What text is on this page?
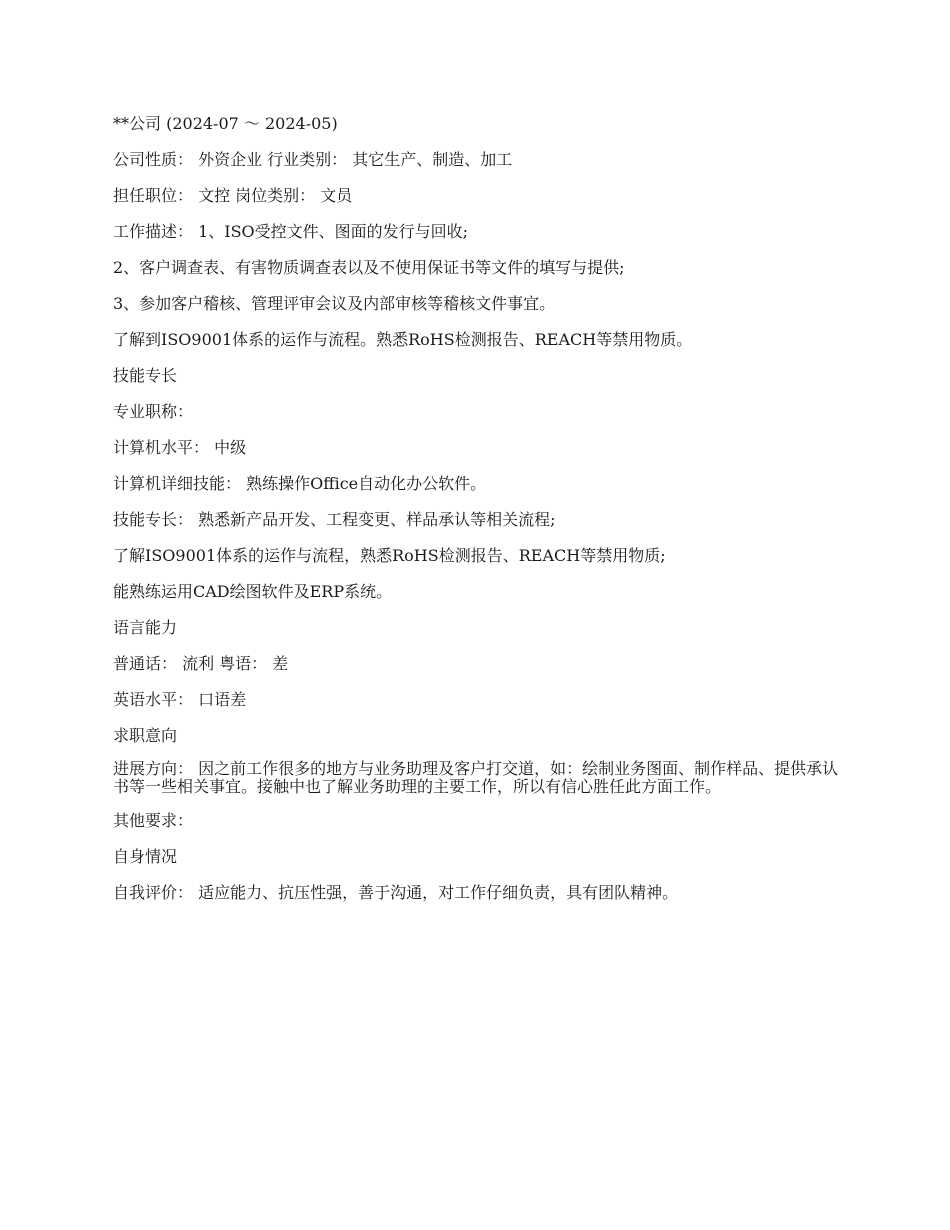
**公司 (2024-07 ～ 2024-05)

公司性质： 外资企业 行业类别： 其它生产、制造、加工

担任职位： 文控 岗位类别： 文员

工作描述： 1、ISO受控文件、图面的发行与回收;

2、客户调查表、有害物质调查表以及不使用保证书等文件的填写与提供;

3、参加客户稽核、管理评审会议及内部审核等稽核文件事宜。

了解到ISO9001体系的运作与流程。熟悉RoHS检测报告、REACH等禁用物质。

技能专长

专业职称：

计算机水平： 中级

计算机详细技能： 熟练操作Office自动化办公软件。

技能专长： 熟悉新产品开发、工程变更、样品承认等相关流程;

了解ISO9001体系的运作与流程，熟悉RoHS检测报告、REACH等禁用物质;

能熟练运用CAD绘图软件及ERP系统。

语言能力

普通话： 流利 粤语： 差

英语水平： 口语差

求职意向

进展方向： 因之前工作很多的地方与业务助理及客户打交道，如：绘制业务图面、制作样品、提供承认书等一些相关事宜。接触中也了解业务助理的主要工作，所以有信心胜任此方面工作。

其他要求：

自身情况

自我评价： 适应能力、抗压性强，善于沟通，对工作仔细负责，具有团队精神。
